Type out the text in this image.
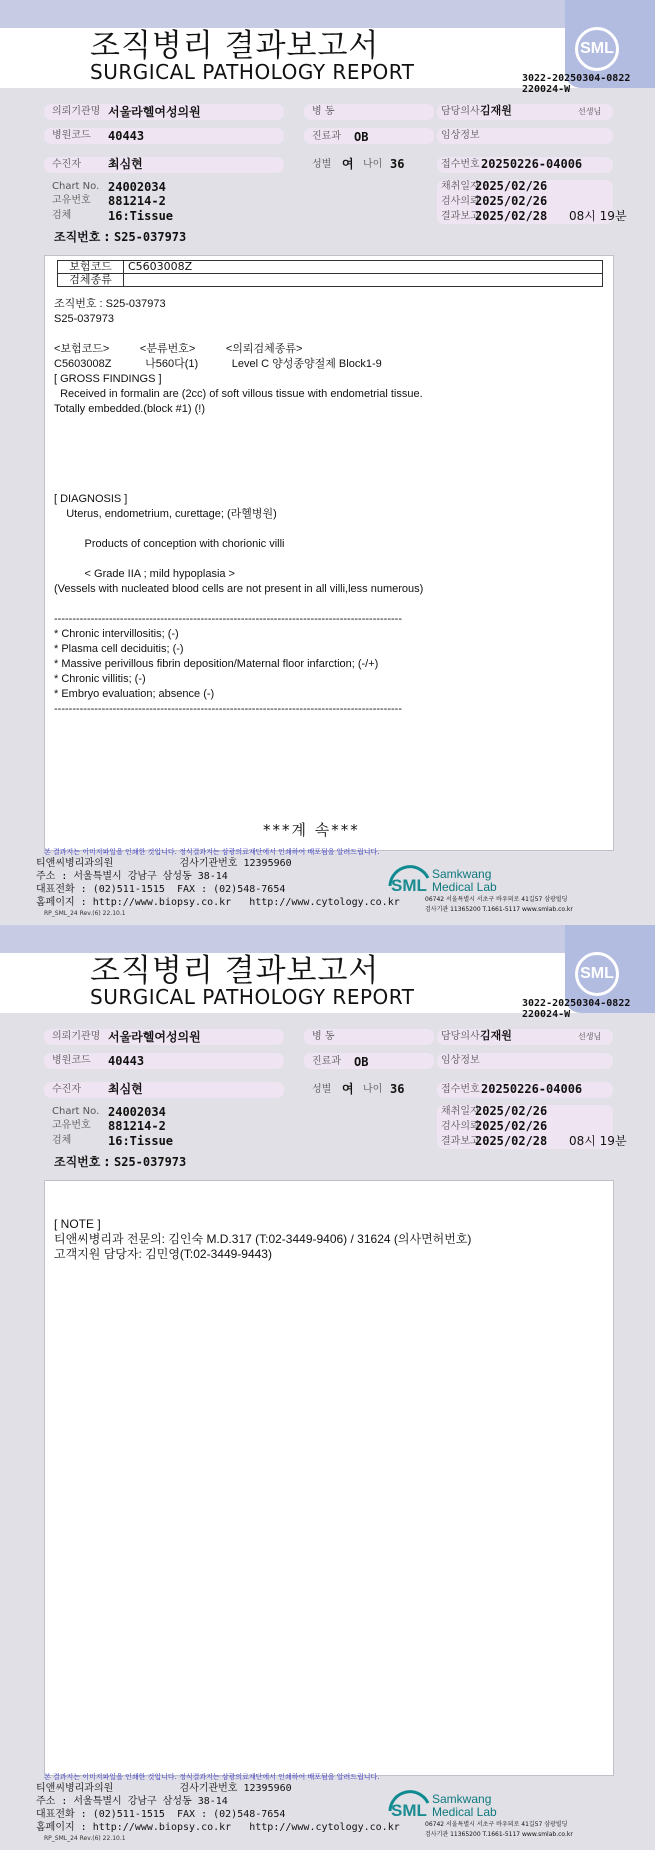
조직병리 결과보고서
SURGICAL PATHOLOGY REPORT
SML
3022-20250304-0822
220024-W
의뢰기관명 서울라헬여성의원	병 동	담당의사 김재원	선생님
병원코드 40443	진료과 OB	임상정보
수진자 최심현	성별 여 나이 36	접수번호 20250226-04006
Chart No. 24002034
고유번호 881214-2
검체	16:Tissue
채취일자
2025/02/26
검사의뢰
2025/02/26
결과보고
2025/02/28 08시 19분
조직번호 : S25-037973
보험코드	C5603008Z
검체종류	
조직번호 : S25-037973
S25-037973

<보험코드>          <분류번호>          <의뢰검체종류>
C5603008Z           나560다(1)           Level C 양성종양절제 Block1-9
[ GROSS FINDINGS ]
Received in formalin are (2cc) of soft villous tissue with endometrial tissue.
Totally embedded.(block #1) (!)

[ DIAGNOSIS ]
Uterus, endometrium, curettage; (라헬병원)

Products of conception with chorionic villi

< Grade IIA ; mild hypoplasia >
(Vessels with nucleated blood cells are not present in all villi,less numerous)

-----------------------------------------------------------------------------------------------
* Chronic intervillositis; (-)
* Plasma cell deciduitis; (-)
* Massive perivillous fibrin deposition/Maternal floor infarction; (-/+)
* Chronic villitis; (-)
* Embryo evaluation; absence (-)
-----------------------------------------------------------------------------------------------
***계 속***
본 결과지는 이미지파일을 인쇄한 것입니다. 정식결과지는 삼광의료재단에서 인쇄하여 배포됨을 알려드립니다.
티앤씨병리과의원           검사기관번호 12395960
주소 : 서울특별시 강남구 삼성동 38-14
대표전화 : (02)511-1515  FAX : (02)548-7654
홈페이지 : http://www.biopsy.co.kr   http://www.cytology.co.kr
RP_SML_24 Rev.(6) 22.10.1
SML
Samkwang
Medical Lab
06742 서울특별시 서초구 바우뫼로 41길57 삼광빌딩
검사기관 11365200 T.1661-5117 www.smlab.co.kr
조직병리 결과보고서
SURGICAL PATHOLOGY REPORT
SML
3022-20250304-0822
220024-W
의뢰기관명 서울라헬여성의원	병 동	담당의사 김재원	선생님
병원코드 40443	진료과 OB	임상정보
수진자 최심현	성별 여 나이 36	접수번호 20250226-04006
Chart No. 24002034
고유번호 881214-2
검체	16:Tissue
채취일자
2025/02/26
검사의뢰
2025/02/26
결과보고
2025/02/28 08시 19분
조직번호 : S25-037973
[ NOTE ]
티앤씨병리과 전문의: 김인숙 M.D.317 (T:02-3449-9406) / 31624 (의사면허번호)
고객지원 담당자: 김민영(T:02-3449-9443)
본 결과지는 이미지파일을 인쇄한 것입니다. 정식결과지는 삼광의료재단에서 인쇄하여 배포됨을 알려드립니다.
티앤씨병리과의원           검사기관번호 12395960
주소 : 서울특별시 강남구 삼성동 38-14
대표전화 : (02)511-1515  FAX : (02)548-7654
홈페이지 : http://www.biopsy.co.kr   http://www.cytology.co.kr
RP_SML_24 Rev.(6) 22.10.1
SML
Samkwang
Medical Lab
06742 서울특별시 서초구 바우뫼로 41길57 삼광빌딩
검사기관 11365200 T.1661-5117 www.smlab.co.kr
